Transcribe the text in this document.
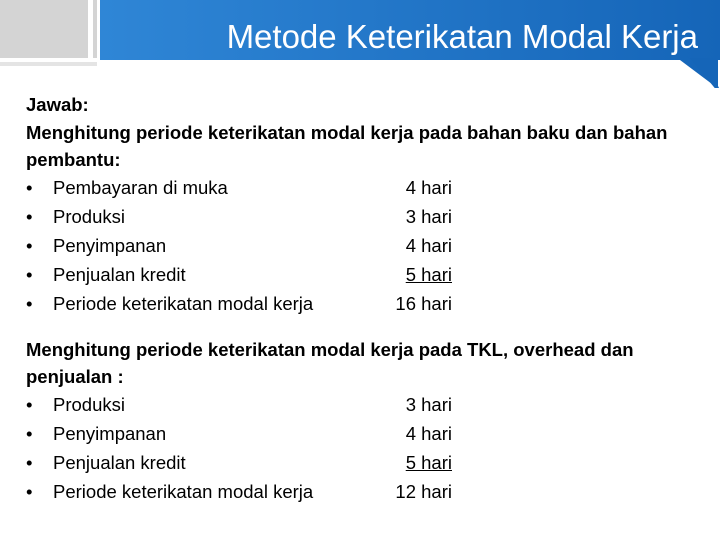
Metode Keterikatan Modal Kerja
Jawab:
Menghitung periode keterikatan modal kerja pada bahan baku dan bahan pembantu:
• Pembayaran di muka	4 hari
• Produksi	3 hari
• Penyimpanan	4 hari
• Penjualan kredit	5 hari
• Periode keterikatan modal kerja	16 hari
Menghitung periode keterikatan modal kerja pada TKL, overhead dan penjualan :
• Produksi	3 hari
• Penyimpanan	4 hari
• Penjualan kredit	5 hari
• Periode keterikatan modal kerja	12 hari
